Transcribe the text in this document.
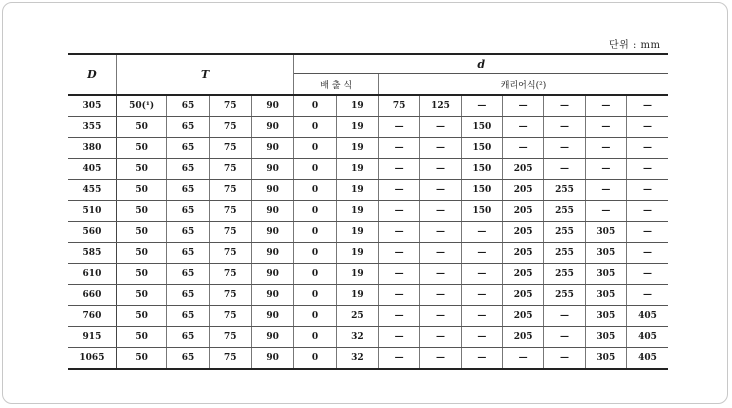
단위 : mm
D	T				d								
					배 출 식		캐리어식(²)						
305	50(¹)	65	75	90	0	19	75	125	—	—	—	—	—
355	50	65	75	90	0	19	—	—	150	—	—	—	—
380	50	65	75	90	0	19	—	—	150	—	—	—	—
405	50	65	75	90	0	19	—	—	150	205	—	—	—
455	50	65	75	90	0	19	—	—	150	205	255	—	—
510	50	65	75	90	0	19	—	—	150	205	255	—	—
560	50	65	75	90	0	19	—	—	—	205	255	305	—
585	50	65	75	90	0	19	—	—	—	205	255	305	—
610	50	65	75	90	0	19	—	—	—	205	255	305	—
660	50	65	75	90	0	19	—	—	—	205	255	305	—
760	50	65	75	90	0	25	—	—	—	205	—	305	405
915	50	65	75	90	0	32	—	—	—	205	—	305	405
1065	50	65	75	90	0	32	—	—	—	—	—	305	405
